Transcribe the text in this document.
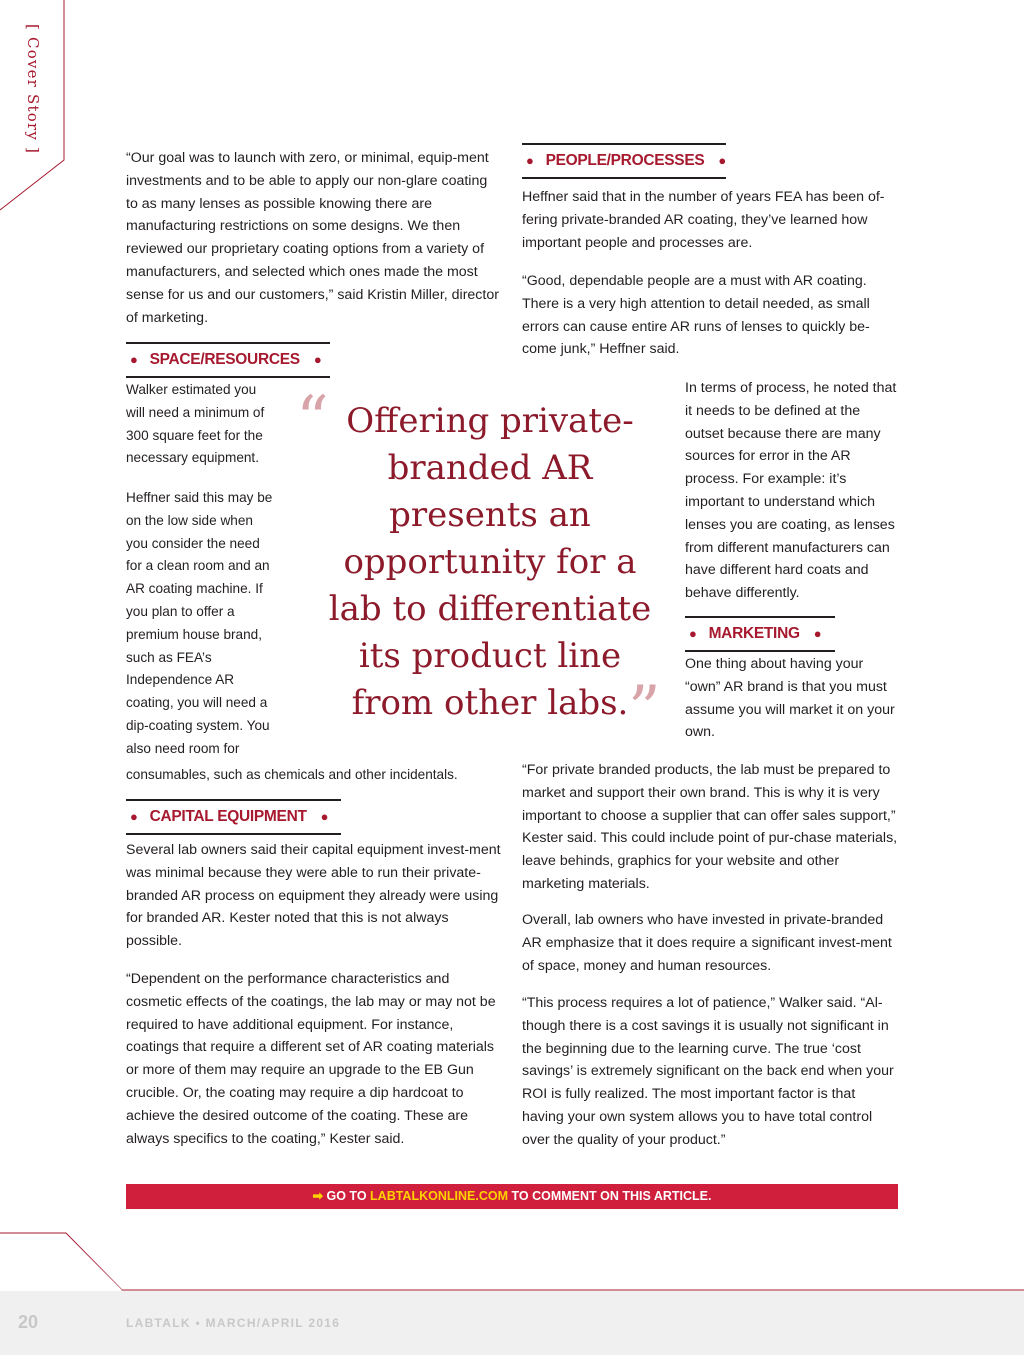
[ Cover Story ]

“Our goal was to launch with zero, or minimal, equip-ment investments and to be able to apply our non-glare coating to as many lenses as possible knowing there are manufacturing restrictions on some designs. We then reviewed our proprietary coating options from a variety of manufacturers, and selected which ones made the most sense for us and our customers,” said Kristin Miller, director of marketing.

● SPACE/RESOURCES ●

Walker estimated you will need a minimum of 300 square feet for the necessary equipment.

Heffner said this may be on the low side when you consider the need for a clean room and an AR coating machine. If you plan to offer a premium house brand, such as FEA’s Independence AR coating, you will need a dip-coating system. You also need room for

consumables, such as chemicals and other incidentals.

● CAPITAL EQUIPMENT ●

Several lab owners said their capital equipment invest-ment was minimal because they were able to run their private-branded AR process on equipment they already were using for branded AR. Kester noted that this is not always possible.

“Dependent on the performance characteristics and cosmetic effects of the coatings, the lab may or may not be required to have additional equipment. For instance, coatings that require a different set of AR coating materials or more of them may require an upgrade to the EB Gun crucible. Or, the coating may require a dip hardcoat to achieve the desired outcome of the coating. These are always specifics to the coating,” Kester said.

“ Offering private-branded AR presents an opportunity for a lab to differentiate its product line from other labs. ”
● PEOPLE/PROCESSES ●

Heffner said that in the number of years FEA has been of-fering private-branded AR coating, they’ve learned how important people and processes are.

“Good, dependable people are a must with AR coating. There is a very high attention to detail needed, as small errors can cause entire AR runs of lenses to quickly be-come junk,” Heffner said.

In terms of process, he noted that it needs to be defined at the outset because there are many sources for error in the AR process. For example: it’s important to understand which lenses you are coating, as lenses from different manufacturers can have different hard coats and behave differently.

● MARKETING ●

One thing about having your “own” AR brand is that you must assume you will market it on your own.

“For private branded products, the lab must be prepared to market and support their own brand. This is why it is very important to choose a supplier that can offer sales support,” Kester said. This could include point of pur-chase materials, leave behinds, graphics for your website and other marketing materials.

Overall, lab owners who have invested in private-branded AR emphasize that it does require a significant invest-ment of space, money and human resources.

“This process requires a lot of patience,” Walker said. “Al-though there is a cost savings it is usually not significant in the beginning due to the learning curve. The true ‘cost savings’ is extremely significant on the back end when your ROI is fully realized. The most important factor is that having your own system allows you to have total control over the quality of your product.”

➡ GO TO LABTALKONLINE.COM TO COMMENT ON THIS ARTICLE.
20	LABTALK • MARCH/APRIL 2016
